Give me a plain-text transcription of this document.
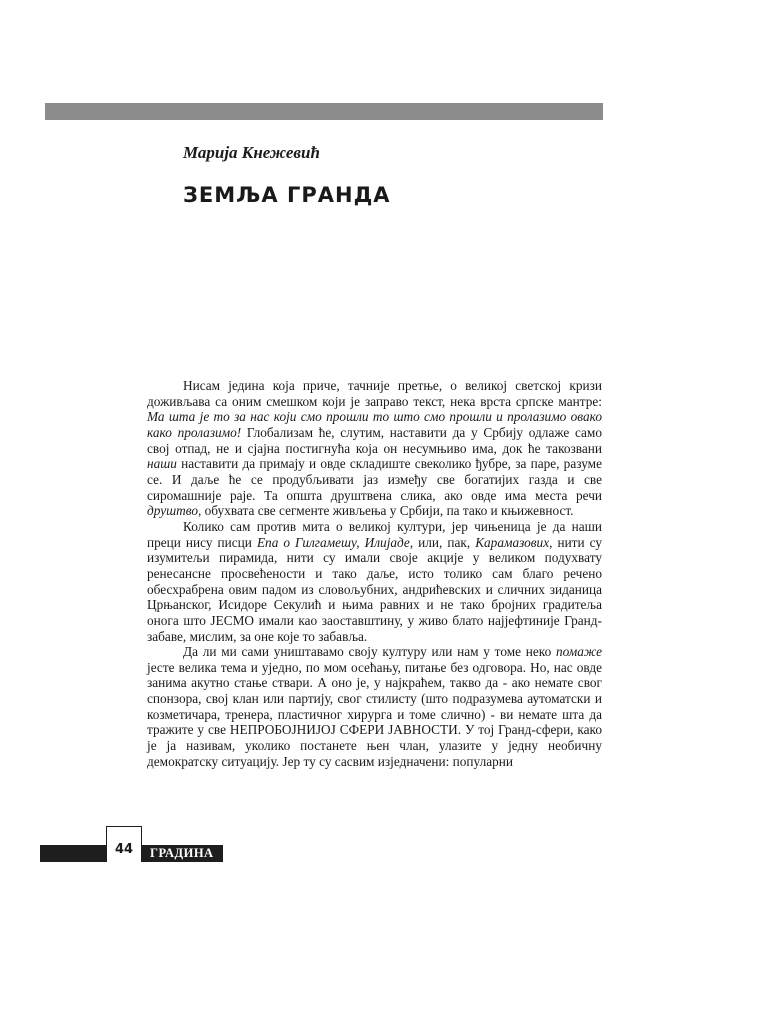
Марија Кнежевић
ЗЕМЉА ГРАНДА

Нисам једина која приче, тачније претње, о великој светској кризи доживљава са оним смешком који је заправо текст, нека врста српске мантре: Ма шта је то за нас који смо прошли то што смо прошли и пролазимо овако како пролазимо! Глобализам ће, слутим, наставити да у Србију одлаже само свој отпад, не и сјајна постигнућа која он несумњиво има, док ће такозвани наши наставити да примају и овде складиште свеколико ђубре, за паре, разуме се. И даље ће се продубљивати јаз између све богатијих газда и све сиромашније раје. Та општа друштвена слика, ако овде има места речи друштво, обухвата све сегменте живљења у Србији, па тако и књижевност.

Колико сам против мита о великој култури, јер чињеница је да наши преци нису писци Епа о Гилгамешу, Илијаде, или, пак, Карамазових, нити су изумитељи пирамида, нити су имали своје акције у великом подухвату ренесансне просвећености и тако даље, исто толико сам благо речено обесхрабрена овим падом из словољубних, андрићевских и сличних зиданица Црњанског, Исидоре Секулић и њима равних и не тако бројних градитеља онога што ЈЕСМО имали као заоставштину, у живо блато најјефтиније Гранд-забаве, мислим, за оне које то забавља.

Да ли ми сами уништавамо своју културу или нам у томе неко помаже јесте велика тема и уједно, по мом осећању, питање без одговора. Но, нас овде занима акутно стање ствари. А оно је, у најкраћем, такво да - ако немате свог спонзора, свој клан или партију, свог стилисту (што подразумева аутоматски и козметичара, тренера, пластичног хирурга и томе слично) - ви немате шта да тражите у све НЕПРОБОЈНИЈОЈ СФЕРИ ЈАВНОСТИ. У тој Гранд-сфери, како је ја називам, уколико постанете њен члан, улазите у једну необичну демократску ситуацију. Јер ту су сасвим изједначени: популарни

44	ГРАДИНА
